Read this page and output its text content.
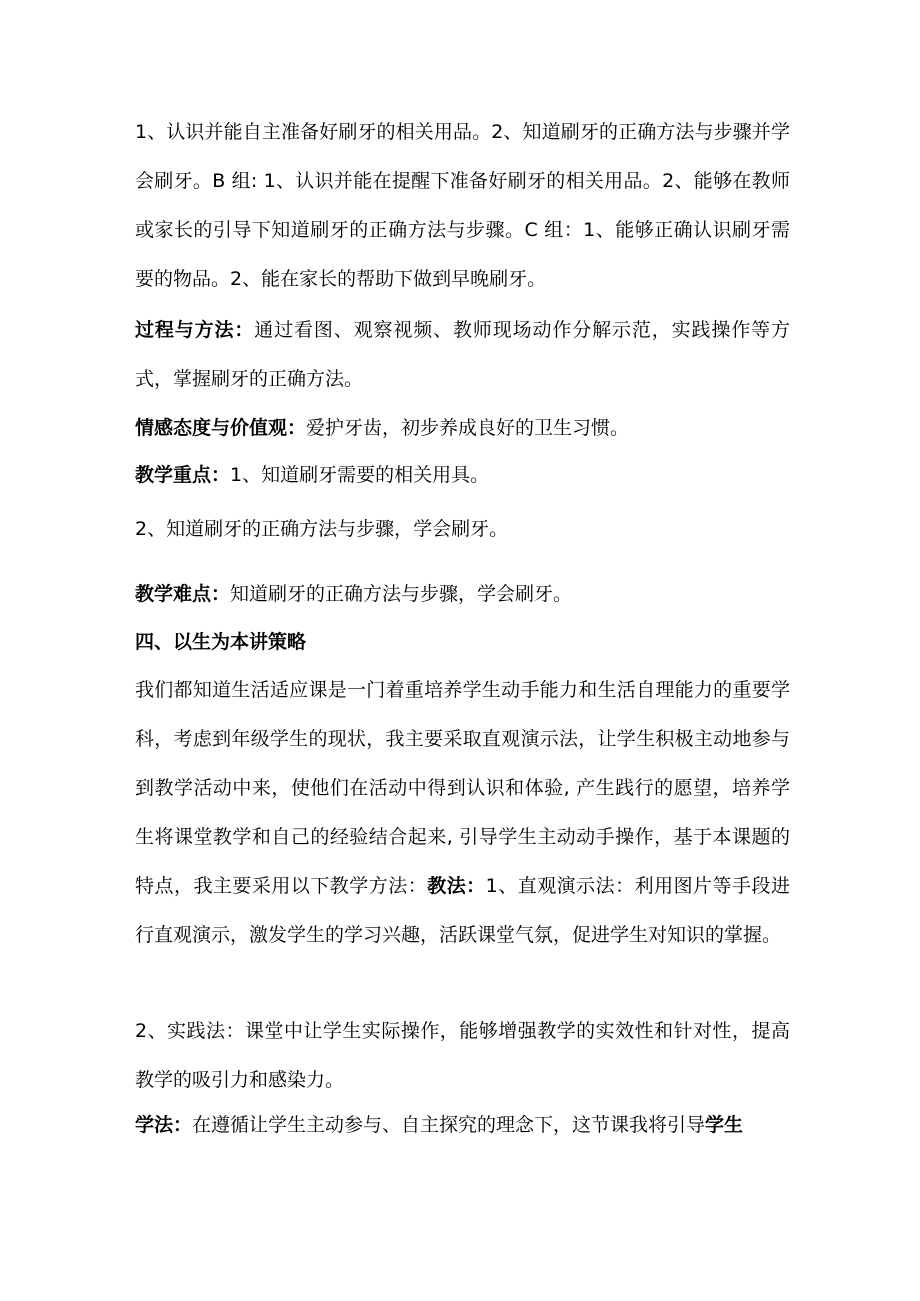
1、认识并能自主准备好刷牙的相关用品。2、知道刷牙的正确方法与步骤并学会刷牙。B 组: 1、认识并能在提醒下准备好刷牙的相关用品。2、能够在教师或家长的引导下知道刷牙的正确方法与步骤。C 组：1、能够正确认识刷牙需要的物品。2、能在家长的帮助下做到早晚刷牙。

过程与方法：通过看图、观察视频、教师现场动作分解示范，实践操作等方式，掌握刷牙的正确方法。

情感态度与价值观：爱护牙齿，初步养成良好的卫生习惯。

教学重点：1、知道刷牙需要的相关用具。

2、知道刷牙的正确方法与步骤，学会刷牙。

教学难点：知道刷牙的正确方法与步骤，学会刷牙。

四、以生为本讲策略

我们都知道生活适应课是一门着重培养学生动手能力和生活自理能力的重要学科，考虑到年级学生的现状，我主要采取直观演示法，让学生积极主动地参与到教学活动中来，使他们在活动中得到认识和体验, 产生践行的愿望，培养学生将课堂教学和自己的经验结合起来, 引导学生主动动手操作，基于本课题的特点，我主要采用以下教学方法：教法：1、直观演示法：利用图片等手段进行直观演示，激发学生的学习兴趣，活跃课堂气氛，促进学生对知识的掌握。

2、实践法：课堂中让学生实际操作，能够增强教学的实效性和针对性，提高教学的吸引力和感染力。

学法：在遵循让学生主动参与、自主探究的理念下，这节课我将引导学生
